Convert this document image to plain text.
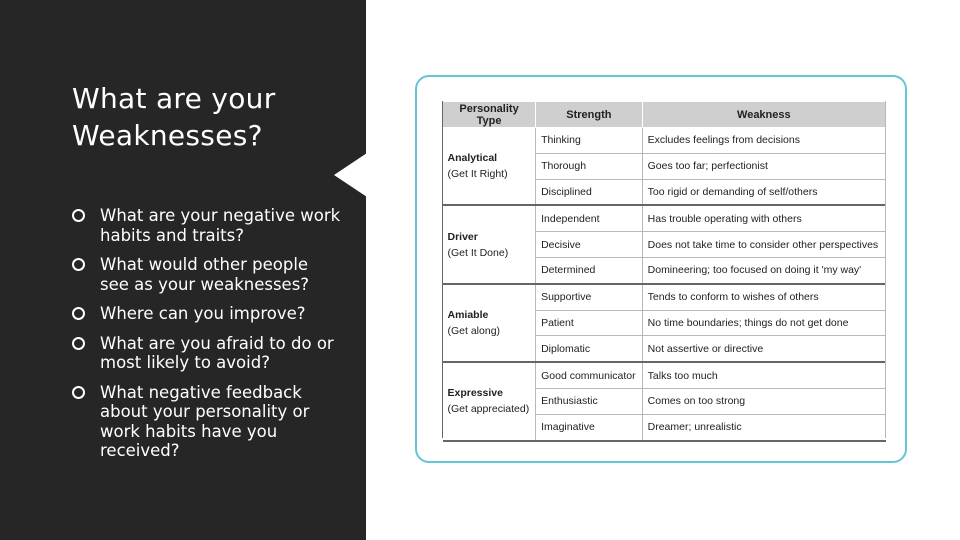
What are your Weaknesses?
What are your negative work habits and traits?
What would other people see as your weaknesses?
Where can you improve?
What are you afraid to do or most likely to avoid?
What negative feedback about your personality or work habits have you received?
Personality Type	Strength	Weakness

Analytical
(Get It Right)	Thinking	Excludes feelings from decisions
	Thorough	Goes too far; perfectionist
	Disciplined	Too rigid or demanding of self/others

Driver
(Get It Done)	Independent	Has trouble operating with others
	Decisive	Does not take time to consider other perspectives
	Determined	Domineering; too focused on doing it 'my way'

Amiable
(Get along)	Supportive	Tends to conform to wishes of others
	Patient	No time boundaries; things do not get done
	Diplomatic	Not assertive or directive

Expressive
(Get appreciated)	Good communicator	Talks too much
	Enthusiastic	Comes on too strong
	Imaginative	Dreamer; unrealistic
